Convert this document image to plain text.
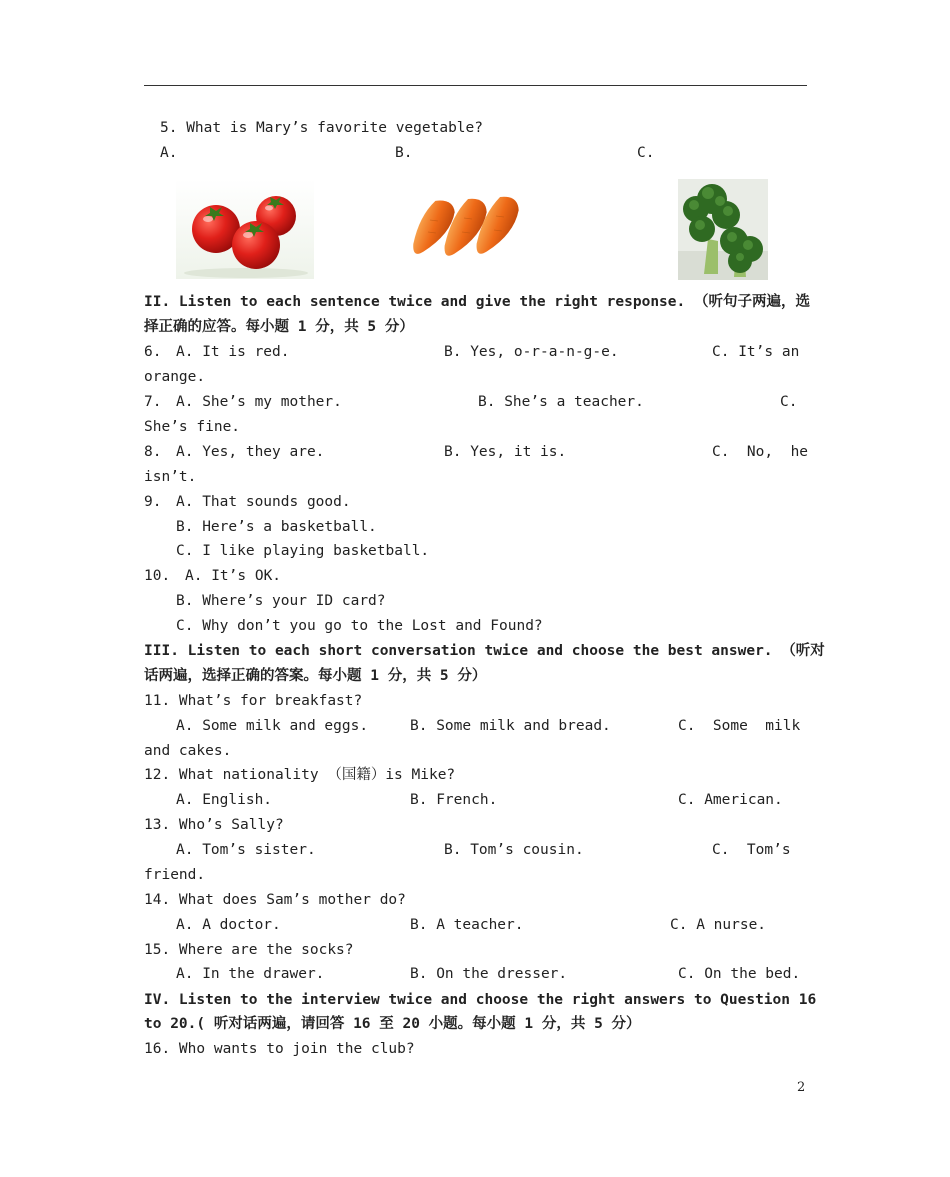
5. What is Mary’s favorite vegetable?
A.	B.	C.
II. Listen to each sentence twice and give the right response. （听句子两遍，选
择正确的应答。每小题 1 分，共 5 分）
6. A. It is red.	B. Yes, o-r-a-n-g-e.	C. It’s an
orange.
7. A. She’s my mother.	B. She’s a teacher.	C.
She’s fine.
8. A. Yes, they are.	B. Yes, it is.	C.  No,  he
isn’t.
9. A. That sounds good.
B. Here’s a basketball.
C. I like playing basketball.
10. A. It’s OK.
B. Where’s your ID card?
C. Why don’t you go to the Lost and Found?
III. Listen to each short conversation twice and choose the best answer. （听对
话两遍，选择正确的答案。每小题 1 分，共 5 分）
11. What’s for breakfast?
A. Some milk and eggs.	B. Some milk and bread.	C.  Some  milk
and cakes.
12. What nationality （国籍）is Mike?
A. English.	B. French.	C. American.
13. Who’s Sally?
A. Tom’s sister.	B. Tom’s cousin.	C.  Tom’s
friend.
14. What does Sam’s mother do?
A. A doctor.	B. A teacher.	C. A nurse.
15. Where are the socks?
A. In the drawer.	B. On the dresser.	C. On the bed.
IV. Listen to the interview twice and choose the right answers to Question 16
to 20.( 听对话两遍，请回答 16 至 20 小题。每小题 1 分，共 5 分）
16. Who wants to join the club?
2
